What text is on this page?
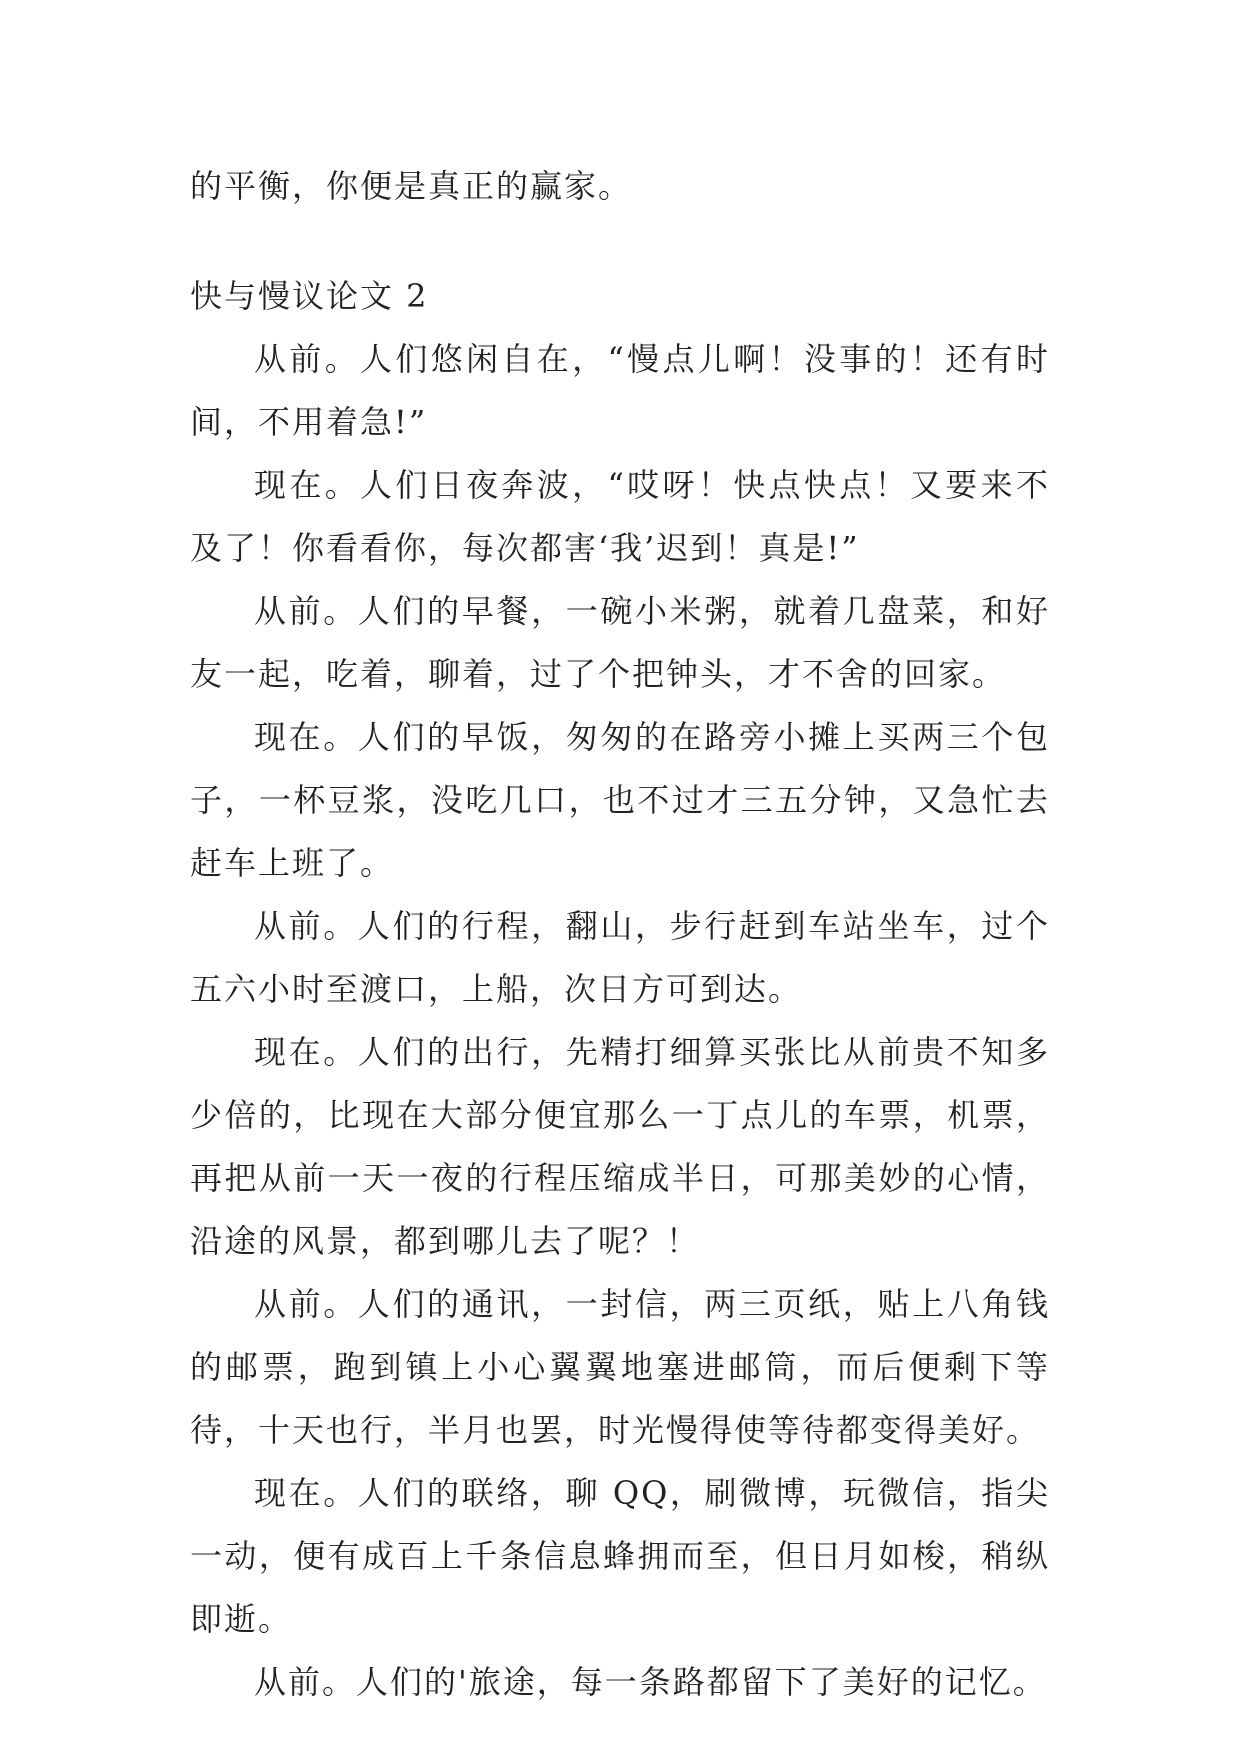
的平衡，你便是真正的赢家。
快与慢议论文 2

从前。人们悠闲自在，“慢点儿啊！没事的！还有时间，不用着急!”

现在。人们日夜奔波，“哎呀！快点快点！又要来不及了！你看看你，每次都害‘我’迟到！真是!”

从前。人们的早餐，一碗小米粥，就着几盘菜，和好友一起，吃着，聊着，过了个把钟头，才不舍的回家。

现在。人们的早饭，匆匆的在路旁小摊上买两三个包子，一杯豆浆，没吃几口，也不过才三五分钟，又急忙去赶车上班了。

从前。人们的行程，翻山，步行赶到车站坐车，过个五六小时至渡口，上船，次日方可到达。

现在。人们的出行，先精打细算买张比从前贵不知多少倍的，比现在大部分便宜那么一丁点儿的车票，机票，再把从前一天一夜的行程压缩成半日，可那美妙的心情，沿途的风景，都到哪儿去了呢？！

从前。人们的通讯，一封信，两三页纸，贴上八角钱的邮票，跑到镇上小心翼翼地塞进邮筒，而后便剩下等待，十天也行，半月也罢，时光慢得使等待都变得美好。

现在。人们的联络，聊 QQ，刷微博，玩微信，指尖一动，便有成百上千条信息蜂拥而至，但日月如梭，稍纵即逝。

从前。人们的'旅途，每一条路都留下了美好的记忆。
